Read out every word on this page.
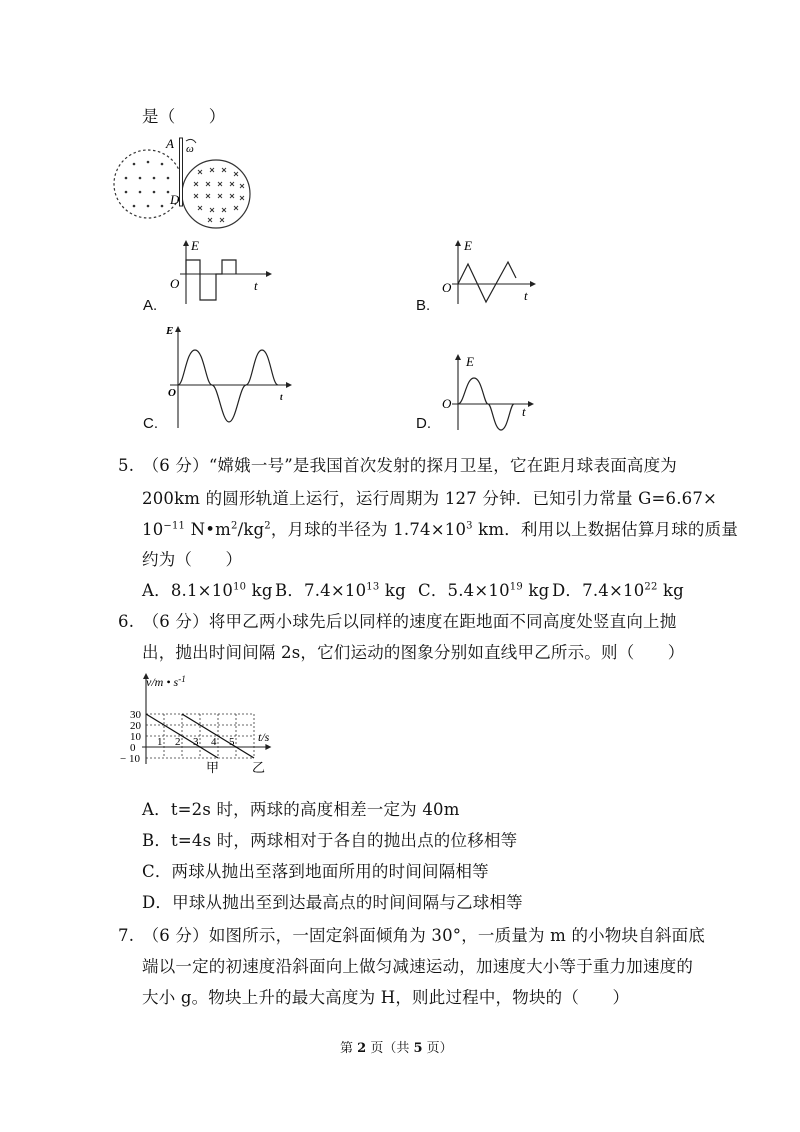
是（　　）
A ω
D
A.
E
O	t
B.
E
O
t
C.
E
O	t
D.
E
O
t
5.　（6 分）“嫦娥一号”是我国首次发射的探月卫星，它在距月球表面高度为
200km 的圆形轨道上运行，运行周期为 127 分钟．已知引力常量 G=6.67×
$10^{-11}$ $N•m^2/kg^2$，月球的半径为 $1.74\times 10^3$ km．利用以上数据估算月球的质量
约为（　　）
A．$8.1\times 10^{10}$ kg B．$7.4\times 10^{13}$ kg C．$5.4\times 10^{19}$ kg D．$7.4\times 10^{22}$ kg
6.　（6 分）将甲乙两小球先后以同样的速度在距地面不同高度处竖直向上抛
出，抛出时间间隔 2s，它们运动的图象分别如直线甲乙所示。则（　　）
30
20
10
0
− 10
1 2 3 4 5
v/m • $s^{-1}$
t/s
甲	乙
A．t=2s 时，两球的高度相差一定为 40m
B．t=4s 时，两球相对于各自的抛出点的位移相等
C．两球从抛出至落到地面所用的时间间隔相等
D．甲球从抛出至到达最高点的时间间隔与乙球相等
7.　（6 分）如图所示，一固定斜面倾角为 30°，一质量为 m 的小物块自斜面底
端以一定的初速度沿斜面向上做匀减速运动，加速度大小等于重力加速度的
大小 g。物块上升的最大高度为 H，则此过程中，物块的（　　）
第 2 页（共 5 页）
